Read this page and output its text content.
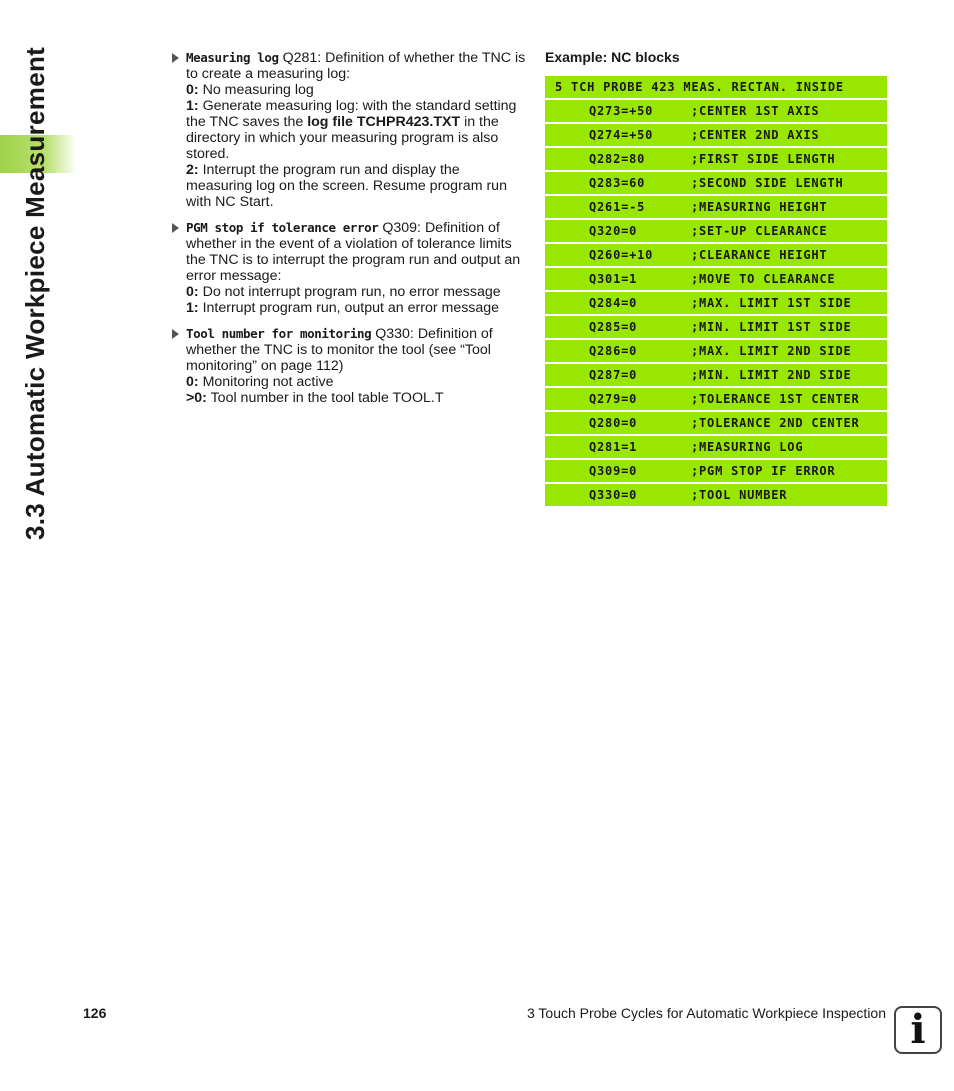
3.3 Automatic Workpiece Measurement	Measuring log Q281: Definition of whether the TNC is to create a measuring log:
0: No measuring log
1: Generate measuring log: with the standard setting the TNC saves the log file TCHPR423.TXT in the directory in which your measuring program is also stored.
2: Interrupt the program run and display the measuring log on the screen. Resume program run with NC Start.
PGM stop if tolerance error Q309: Definition of whether in the event of a violation of tolerance limits the TNC is to interrupt the program run and output an error message:
0: Do not interrupt program run, no error message
1: Interrupt program run, output an error message
Tool number for monitoring Q330: Definition of whether the TNC is to monitor the tool (see “Tool monitoring” on page 112)
0: Monitoring not active
>0: Tool number in the tool table TOOL.T
Example: NC blocks
5 TCH PROBE 423 MEAS. RECTAN. INSIDE
Q273=+50	;CENTER 1ST AXIS
Q274=+50	;CENTER 2ND AXIS
Q282=80	;FIRST SIDE LENGTH
Q283=60	;SECOND SIDE LENGTH
Q261=-5	;MEASURING HEIGHT
Q320=0	;SET-UP CLEARANCE
Q260=+10	;CLEARANCE HEIGHT
Q301=1	;MOVE TO CLEARANCE
Q284=0	;MAX. LIMIT 1ST SIDE
Q285=0	;MIN. LIMIT 1ST SIDE
Q286=0	;MAX. LIMIT 2ND SIDE
Q287=0	;MIN. LIMIT 2ND SIDE
Q279=0	;TOLERANCE 1ST CENTER
Q280=0	;TOLERANCE 2ND CENTER
Q281=1	;MEASURING LOG
Q309=0	;PGM STOP IF ERROR
Q330=0	;TOOL NUMBER
126	3 Touch Probe Cycles for Automatic Workpiece Inspection i
